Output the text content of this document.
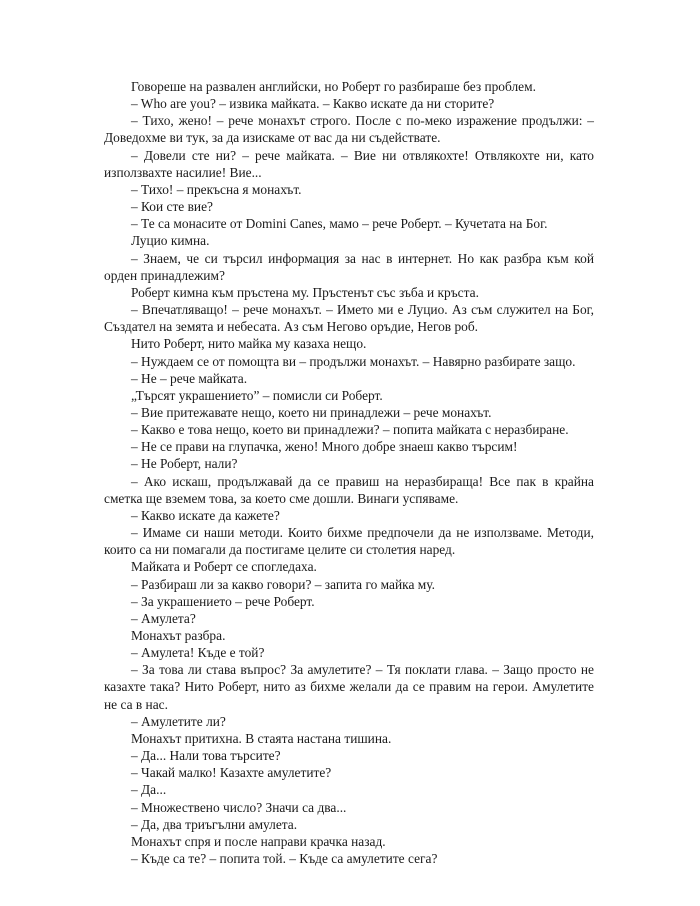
Говореше на развален английски, но Роберт го разбираше без проблем.

– Who are you? – извика майката. – Какво искате да ни сторите?

– Тихо, жено! – рече монахът строго. После с по-меко изражение продължи: – Доведохме ви тук, за да изискаме от вас да ни съдействате.

– Довели сте ни? – рече майката. – Вие ни отвлякохте! Отвлякохте ни, като използвахте насилие! Вие...

– Тихо! – прекъсна я монахът.

– Кои сте вие?

– Те са монасите от Domini Canes, мамо – рече Роберт. – Кучетата на Бог.

Луцио кимна.

– Знаем, че си търсил информация за нас в интернет. Но как разбра към кой орден принадлежим?

Роберт кимна към пръстена му. Пръстенът със зъба и кръста.

– Впечатляващо! – рече монахът. – Името ми е Луцио. Аз съм служител на Бог, Създател на земята и небесата. Аз съм Негово оръдие, Негов роб.

Нито Роберт, нито майка му казаха нещо.

– Нуждаем се от помощта ви – продължи монахът. – Навярно разбирате защо.

– Не – рече майката.

„Търсят украшението” – помисли си Роберт.

– Вие притежавате нещо, което ни принадлежи – рече монахът.

– Какво е това нещо, което ви принадлежи? – попита майката с неразбиране.

– Не се прави на глупачка, жено! Много добре знаеш какво търсим!

– Не Роберт, нали?

– Ако искаш, продължавай да се правиш на неразбираща! Все пак в крайна сметка ще вземем това, за което сме дошли. Винаги успяваме.

– Какво искате да кажете?

– Имаме си наши методи. Които бихме предпочели да не използваме. Методи, които са ни помагали да постигаме целите си столетия наред.

Майката и Роберт се спогледаха.

– Разбираш ли за какво говори? – запита го майка му.

– За украшението – рече Роберт.

– Амулета?

Монахът разбра.

– Амулета! Къде е той?

– За това ли става въпрос? За амулетите? – Тя поклати глава. – Защо просто не казахте така? Нито Роберт, нито аз бихме желали да се правим на герои. Амулетите не са в нас.

– Амулетите ли?

Монахът притихна. В стаята настана тишина.

– Да... Нали това търсите?

– Чакай малко! Казахте амулетите?

– Да...

– Множествено число? Значи са два...

– Да, два триъгълни амулета.

Монахът спря и после направи крачка назад.

– Къде са те? – попита той. – Къде са амулетите сега?
